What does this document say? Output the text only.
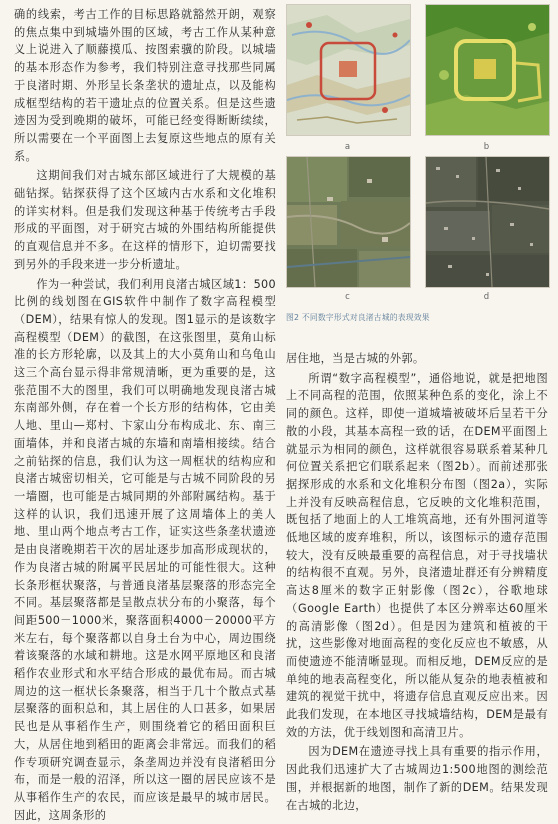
确的线索，考古工作的目标思路就豁然开朗，观察的焦点集中到城墙外围的区域，考古工作从某种意义上说进入了顺藤摸瓜、按图索骥的阶段。以城墙的基本形态作为参考，我们特别注意寻找那些同属于良渚时期、外形呈长条垄状的遗址点，以及能构成框型结构的若干遗址点的位置关系。但是这些遗迹因为受到晚期的破坏，可能已经变得断断续续，所以需要在一个平面图上去复原这些地点的原有关系。

这期间我们对古城东部区域进行了大规模的基础钻探。钻探获得了这个区域内古水系和文化堆积的详实材料。但是我们发现这种基于传统考古手段形成的平面图，对于研究古城的外围结构所能提供的直观信息并不多。在这样的情形下，迫切需要找到另外的手段来进一步分析遗址。

作为一种尝试，我们利用良渚古城区域1：500比例的线划图在GIS软件中制作了数字高程模型（DEM），结果有惊人的发现。图1显示的是该数字高程模型（DEM）的截图，在这张图里，莫角山标准的长方形轮廓，以及其上的大小莫角山和乌龟山这三个高台显示得非常规清晰，更为重要的是，这张范围不大的图里，我们可以明确地发现良渚古城东南部外侧，存在着一个长方形的结构体，它由美人地、里山—郑村、卞家山分布构成北、东、南三面墙体，并和良渚古城的东墙和南墙相接续。结合之前钻探的信息，我们认为这一周框状的结构应和良渚古城密切相关，它可能是与古城不同阶段的另一墙圈，也可能是古城同期的外部附属结构。基于这样的认识，我们迅速开展了这周墙体上的美人地、里山两个地点考古工作，证实这些条垄状遗迹是由良渚晚期若干次的居址逐步加高形成现状的，作为良渚古城的附属平民居址的可能性很大。这种长条形框状聚落，与普通良渚基层聚落的形态完全不同。基层聚落都是呈散点状分布的小聚落，每个间距500－1000米，聚落面积4000－20000平方米左右，每个聚落都以自身土台为中心，周边围绕着该聚落的水域和耕地。这是水网平原地区和良渚稻作农业形式和水平结合形成的最优布局。而古城周边的这一框状长条聚落，相当于几十个散点式基层聚落的面积总和，其上居住的人口甚多，如果居民也是从事稻作生产，则围绕着它的稻田面积巨大，从居住地到稻田的距离会非常远。而我们的稻作专项研究调查显示，条垄周边并没有良渚稻田分布，而是一般的沼泽，所以这一圈的居民应该不是从事稻作生产的农民，而应该是最早的城市居民。因此，这周条形的

a	b
c	d
图2 不同数字形式对良渚古城的表现效果

居住地，当是古城的外郭。

所谓“数字高程模型”，通俗地说，就是把地图上不同高程的范围，依照某种色系的变化，涂上不同的颜色。这样，即使一道城墙被破坏后呈若干分散的小段，其基本高程一致的话，在DEM平面图上就显示为相同的颜色，这样就很容易联系着某种几何位置关系把它们联系起来（图2b）。而前述那张据探形成的水系和文化堆积分布图（图2a），实际上并没有反映高程信息，它反映的文化堆积范围，既包括了地面上的人工堆筑高地，还有外围河道等低地区域的废弃堆积，所以，该图标示的遗存范围较大，没有反映最重要的高程信息，对于寻找墙状的结构很不直观。另外，良渚遗址群还有分辨精度高达8厘米的数字正射影像（图2c），谷歌地球（Google Earth）也提供了本区分辨率达60厘米的高清影像（图2d）。但是因为建筑和植被的干扰，这些影像对地面高程的变化反应也不敏感，从而使遗迹不能清晰显现。而相反地，DEM反应的是单纯的地表高程变化，所以能从复杂的地表植被和建筑的视觉干扰中，将遗存信息直观反应出来。因此我们发现，在本地区寻找城墙结构，DEM是最有效的方法，优于线划图和高清卫片。

因为DEM在遗迹寻找上具有重要的指示作用，因此我们迅速扩大了古城周边1:500地图的测绘范围，并根据新的地图，制作了新的DEM。结果发现在古城的北边，
